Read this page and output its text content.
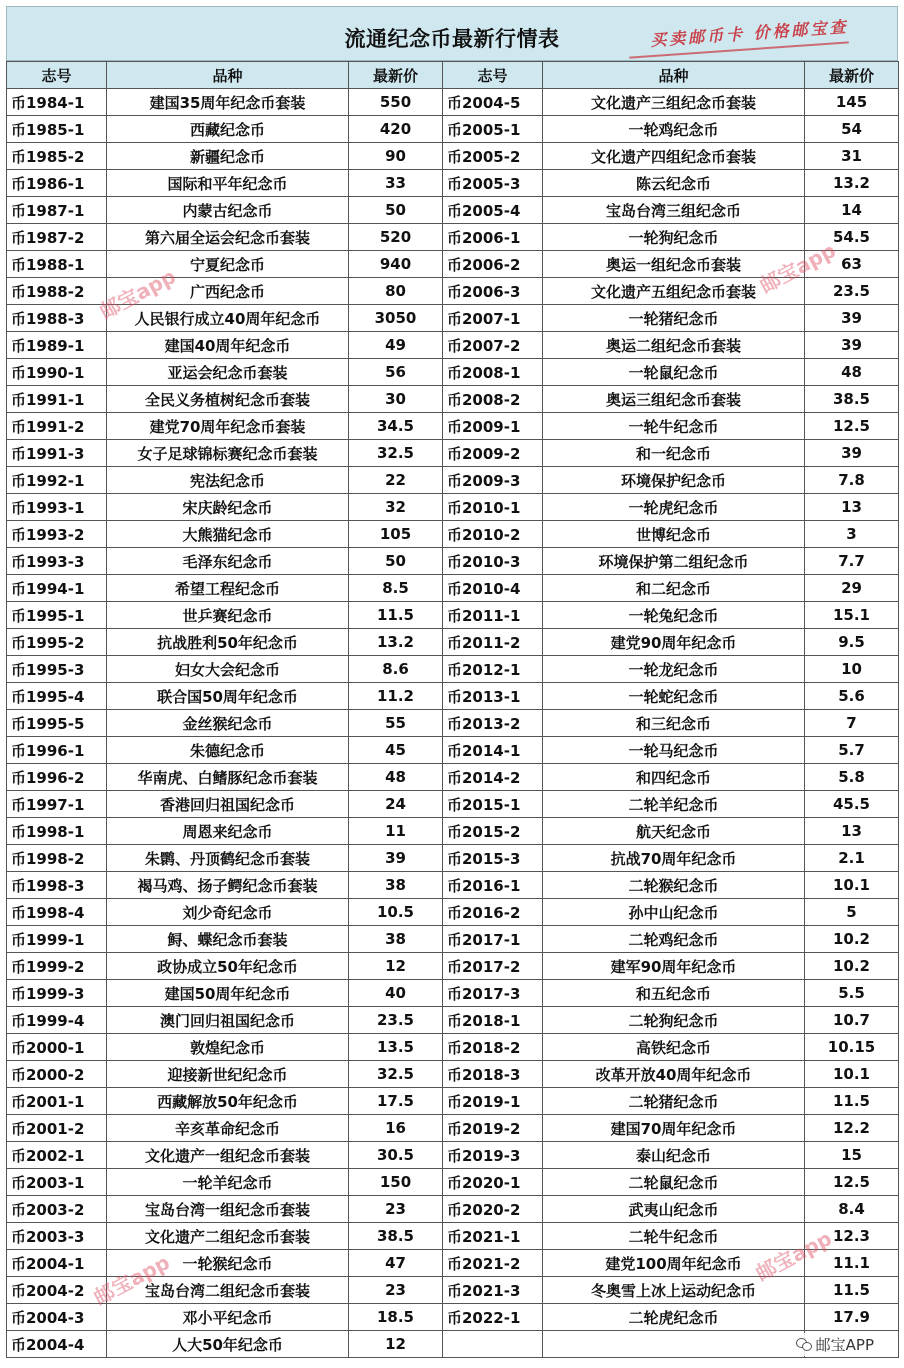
流通纪念币最新行情表	买卖邮币卡 价格邮宝查
志号	品种	最新价	志号	品种	最新价
币1984-1	建国35周年纪念币套装	550	币2004-5	文化遗产三组纪念币套装	145
币1985-1	西藏纪念币	420	币2005-1	一轮鸡纪念币	54
币1985-2	新疆纪念币	90	币2005-2	文化遗产四组纪念币套装	31
币1986-1	国际和平年纪念币	33	币2005-3	陈云纪念币	13.2
币1987-1	内蒙古纪念币	50	币2005-4	宝岛台湾三组纪念币	14
币1987-2	第六届全运会纪念币套装	520	币2006-1	一轮狗纪念币	54.5
币1988-1	宁夏纪念币	940	币2006-2	奥运一组纪念币套装	63
币1988-2	广西纪念币	80	币2006-3	文化遗产五组纪念币套装	23.5
币1988-3	人民银行成立40周年纪念币	3050	币2007-1	一轮猪纪念币	39
币1989-1	建国40周年纪念币	49	币2007-2	奥运二组纪念币套装	39
币1990-1	亚运会纪念币套装	56	币2008-1	一轮鼠纪念币	48
币1991-1	全民义务植树纪念币套装	30	币2008-2	奥运三组纪念币套装	38.5
币1991-2	建党70周年纪念币套装	34.5	币2009-1	一轮牛纪念币	12.5
币1991-3	女子足球锦标赛纪念币套装	32.5	币2009-2	和一纪念币	39
币1992-1	宪法纪念币	22	币2009-3	环境保护纪念币	7.8
币1993-1	宋庆龄纪念币	32	币2010-1	一轮虎纪念币	13
币1993-2	大熊猫纪念币	105	币2010-2	世博纪念币	3
币1993-3	毛泽东纪念币	50	币2010-3	环境保护第二组纪念币	7.7
币1994-1	希望工程纪念币	8.5	币2010-4	和二纪念币	29
币1995-1	世乒赛纪念币	11.5	币2011-1	一轮兔纪念币	15.1
币1995-2	抗战胜利50年纪念币	13.2	币2011-2	建党90周年纪念币	9.5
币1995-3	妇女大会纪念币	8.6	币2012-1	一轮龙纪念币	10
币1995-4	联合国50周年纪念币	11.2	币2013-1	一轮蛇纪念币	5.6
币1995-5	金丝猴纪念币	55	币2013-2	和三纪念币	7
币1996-1	朱德纪念币	45	币2014-1	一轮马纪念币	5.7
币1996-2	华南虎、白鳍豚纪念币套装	48	币2014-2	和四纪念币	5.8
币1997-1	香港回归祖国纪念币	24	币2015-1	二轮羊纪念币	45.5
币1998-1	周恩来纪念币	11	币2015-2	航天纪念币	13
币1998-2	朱鹮、丹顶鹤纪念币套装	39	币2015-3	抗战70周年纪念币	2.1
币1998-3	褐马鸡、扬子鳄纪念币套装	38	币2016-1	二轮猴纪念币	10.1
币1998-4	刘少奇纪念币	10.5	币2016-2	孙中山纪念币	5
币1999-1	鲟、蝶纪念币套装	38	币2017-1	二轮鸡纪念币	10.2
币1999-2	政协成立50年纪念币	12	币2017-2	建军90周年纪念币	10.2
币1999-3	建国50周年纪念币	40	币2017-3	和五纪念币	5.5
币1999-4	澳门回归祖国纪念币	23.5	币2018-1	二轮狗纪念币	10.7
币2000-1	敦煌纪念币	13.5	币2018-2	高铁纪念币	10.15
币2000-2	迎接新世纪纪念币	32.5	币2018-3	改革开放40周年纪念币	10.1
币2001-1	西藏解放50年纪念币	17.5	币2019-1	二轮猪纪念币	11.5
币2001-2	辛亥革命纪念币	16	币2019-2	建国70周年纪念币	12.2
币2002-1	文化遗产一组纪念币套装	30.5	币2019-3	泰山纪念币	15
币2003-1	一轮羊纪念币	150	币2020-1	二轮鼠纪念币	12.5
币2003-2	宝岛台湾一组纪念币套装	23	币2020-2	武夷山纪念币	8.4
币2003-3	文化遗产二组纪念币套装	38.5	币2021-1	二轮牛纪念币	12.3
币2004-1	一轮猴纪念币	47	币2021-2	建党100周年纪念币	11.1
币2004-2	宝岛台湾二组纪念币套装	23	币2021-3	冬奥雪上冰上运动纪念币	11.5
币2004-3	邓小平纪念币	18.5	币2022-1	二轮虎纪念币	17.9
币2004-4	人大50年纪念币	12			
邮宝app	邮宝app
邮宝app	邮宝app
邮宝APP
